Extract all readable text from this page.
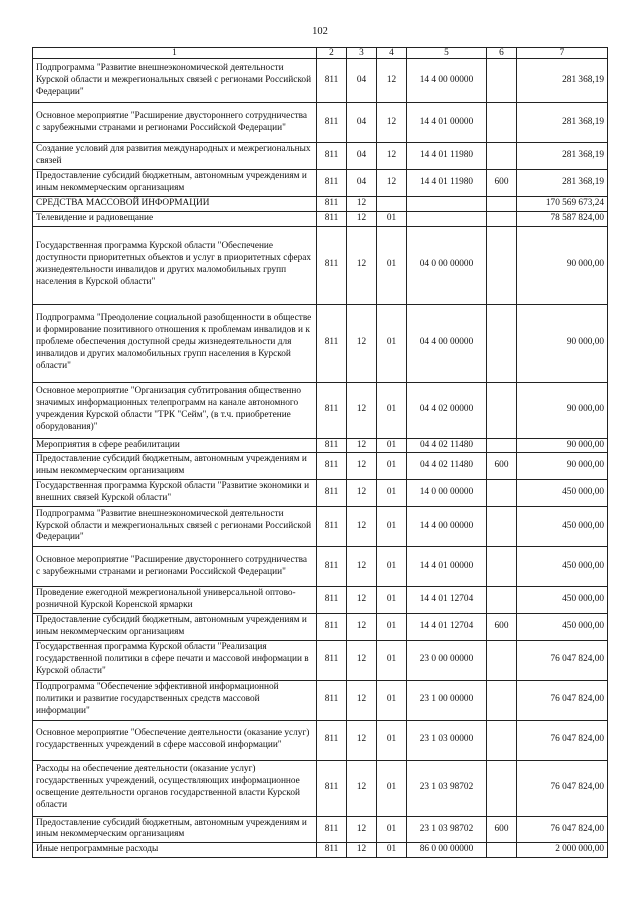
102
1	2	3	4	5	6	7
Подпрограмма "Развитие внешнеэкономической деятельности Курской области и межрегиональных связей с регионами Российской Федерации"	811	04	12	14 4 00 00000		281 368,19
Основное мероприятие "Расширение двустороннего сотрудничества с зарубежными странами и регионами Российской Федерации"	811	04	12	14 4 01 00000		281 368,19
Создание условий для развития международных и межрегиональных связей	811	04	12	14 4 01 11980		281 368,19
Предоставление субсидий бюджетным, автономным учреждениям и иным некоммерческим организациям	811	04	12	14 4 01 11980	600	281 368,19
СРЕДСТВА МАССОВОЙ ИНФОРМАЦИИ	811	12				170 569 673,24
Телевидение и радиовещание	811	12	01			78 587 824,00
Государственная программа Курской области "Обеспечение доступности приоритетных объектов и услуг в приоритетных сферах жизнедеятельности инвалидов и других маломобильных групп населения в Курской области"	811	12	01	04 0 00 00000		90 000,00
Подпрограмма "Преодоление социальной разобщенности в обществе и формирование позитивного отношения к проблемам инвалидов и к проблеме обеспечения доступной среды жизнедеятельности для инвалидов и других маломобильных групп населения в Курской области"	811	12	01	04 4 00 00000		90 000,00
Основное мероприятие "Организация субтитрования общественно значимых информационных телепрограмм на канале автономного учреждения Курской области "ТРК "Сейм", (в т.ч. приобретение оборудования)"	811	12	01	04 4 02 00000		90 000,00
Мероприятия в сфере реабилитации	811	12	01	04 4 02 11480		90 000,00
Предоставление субсидий бюджетным, автономным учреждениям и иным некоммерческим организациям	811	12	01	04 4 02 11480	600	90 000,00
Государственная программа Курской области "Развитие экономики и внешних связей Курской области"	811	12	01	14 0 00 00000		450 000,00
Подпрограмма "Развитие внешнеэкономической деятельности Курской области и межрегиональных связей с регионами Российской Федерации"	811	12	01	14 4 00 00000		450 000,00
Основное мероприятие "Расширение двустороннего сотрудничества с зарубежными странами и регионами Российской Федерации"	811	12	01	14 4 01 00000		450 000,00
Проведение ежегодной межрегиональной универсальной оптово-розничной Курской Коренской ярмарки	811	12	01	14 4 01 12704		450 000,00
Предоставление субсидий бюджетным, автономным учреждениям и иным некоммерческим организациям	811	12	01	14 4 01 12704	600	450 000,00
Государственная программа Курской области "Реализация государственной политики в сфере печати и массовой информации в Курской области"	811	12	01	23 0 00 00000		76 047 824,00
Подпрограмма "Обеспечение эффективной информационной политики и развитие государственных средств массовой информации"	811	12	01	23 1 00 00000		76 047 824,00
Основное мероприятие "Обеспечение деятельности (оказание услуг) государственных учреждений в сфере массовой информации"	811	12	01	23 1 03 00000		76 047 824,00
Расходы на обеспечение деятельности (оказание услуг) государственных учреждений, осуществляющих информационное освещение деятельности органов государственной власти Курской области	811	12	01	23 1 03 98702		76 047 824,00
Предоставление субсидий бюджетным, автономным учреждениям и иным некоммерческим организациям	811	12	01	23 1 03 98702	600	76 047 824,00
Иные непрограммные расходы	811	12	01	86 0 00 00000		2 000 000,00
